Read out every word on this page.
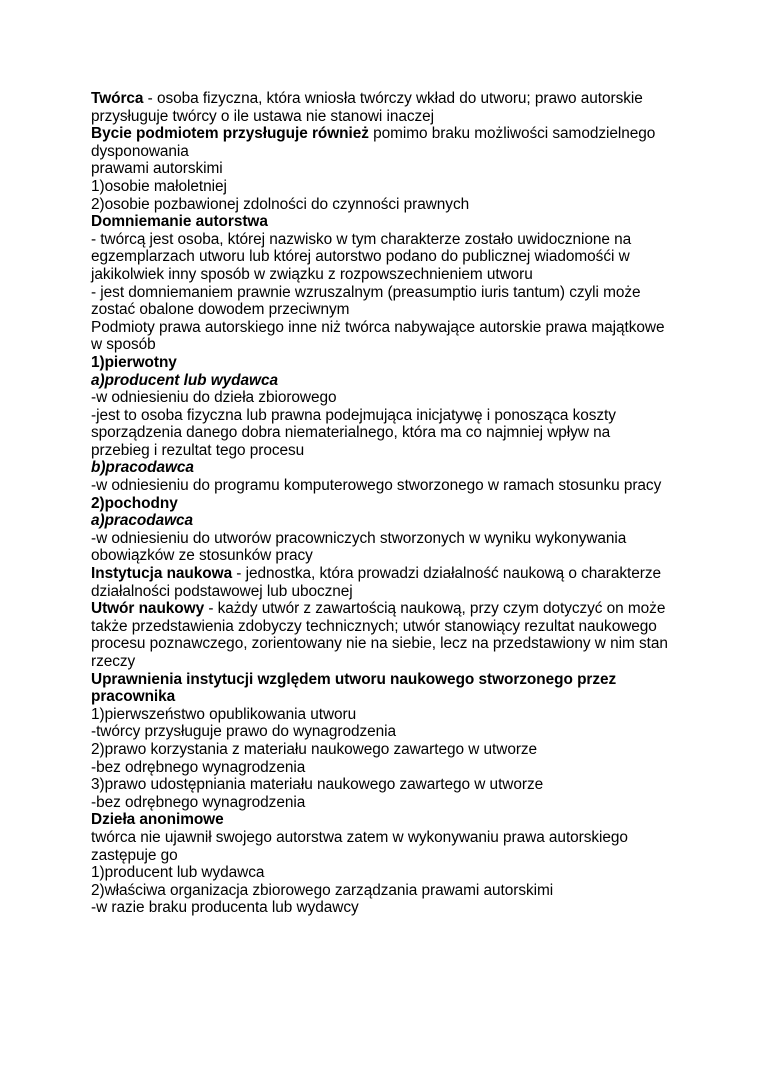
Twórca - osoba fizyczna, która wniosła twórczy wkład do utworu; prawo autorskie
przysługuje twórcy o ile ustawa nie stanowi inaczej
Bycie podmiotem przysługuje również pomimo braku możliwości samodzielnego
dysponowania
prawami autorskimi
1)osobie małoletniej
2)osobie pozbawionej zdolności do czynności prawnych
Domniemanie autorstwa
- twórcą jest osoba, której nazwisko w tym charakterze zostało uwidocznione na
egzemplarzach utworu lub której autorstwo podano do publicznej wiadomośći w
jakikolwiek inny sposób w związku z rozpowszechnieniem utworu
- jest domniemaniem prawnie wzruszalnym (preasumptio iuris tantum) czyli może
zostać obalone dowodem przeciwnym
Podmioty prawa autorskiego inne niż twórca nabywające autorskie prawa majątkowe
w sposób
1)pierwotny
a)producent lub wydawca
-w odniesieniu do dzieła zbiorowego
-jest to osoba fizyczna lub prawna podejmująca inicjatywę i ponosząca koszty
sporządzenia danego dobra niematerialnego, która ma co najmniej wpływ na
przebieg i rezultat tego procesu
b)pracodawca
-w odniesieniu do programu komputerowego stworzonego w ramach stosunku pracy
2)pochodny
a)pracodawca
-w odniesieniu do utworów pracowniczych stworzonych w wyniku wykonywania
obowiązków ze stosunków pracy
Instytucja naukowa - jednostka, która prowadzi działalność naukową o charakterze
działalności podstawowej lub ubocznej
Utwór naukowy - każdy utwór z zawartością naukową, przy czym dotyczyć on może
także przedstawienia zdobyczy technicznych; utwór stanowiący rezultat naukowego
procesu poznawczego, zorientowany nie na siebie, lecz na przedstawiony w nim stan
rzeczy
Uprawnienia instytucji względem utworu naukowego stworzonego przez
pracownika
1)pierwszeństwo opublikowania utworu
-twórcy przysługuje prawo do wynagrodzenia
2)prawo korzystania z materiału naukowego zawartego w utworze
-bez odrębnego wynagrodzenia
3)prawo udostępniania materiału naukowego zawartego w utworze
-bez odrębnego wynagrodzenia
Dzieła anonimowe
twórca nie ujawnił swojego autorstwa zatem w wykonywaniu prawa autorskiego
zastępuje go
1)producent lub wydawca
2)właściwa organizacja zbiorowego zarządzania prawami autorskimi
-w razie braku producenta lub wydawcy
